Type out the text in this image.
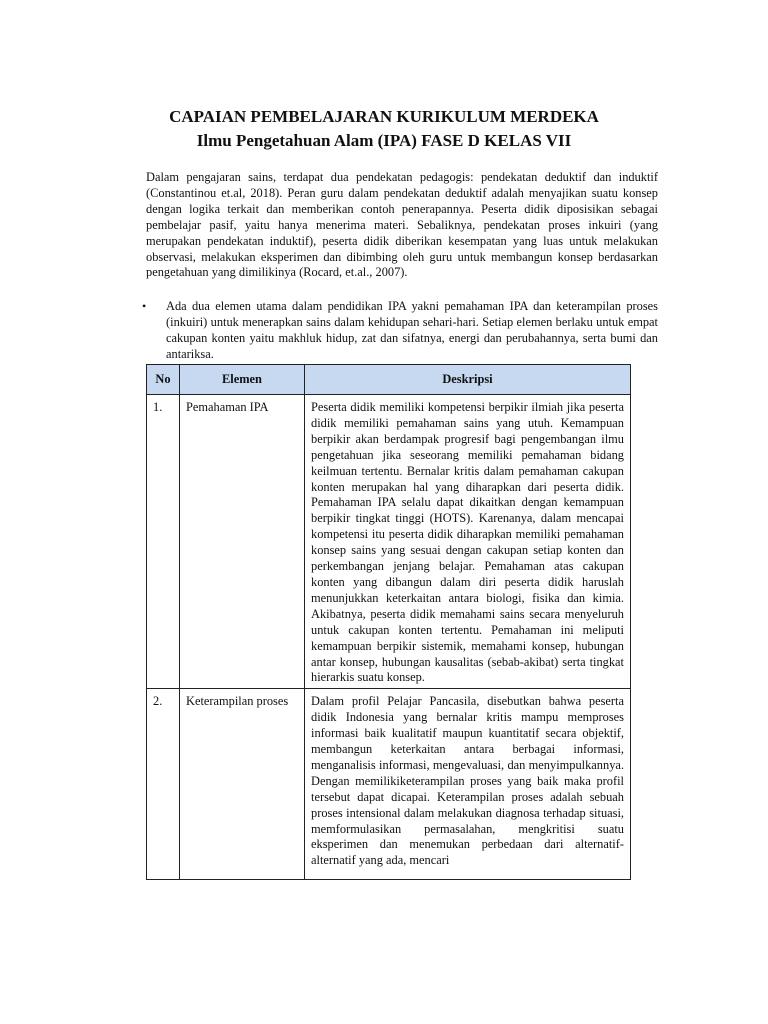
CAPAIAN PEMBELAJARAN KURIKULUM MERDEKA
Ilmu Pengetahuan Alam (IPA) FASE D KELAS VII

Dalam pengajaran sains, terdapat dua pendekatan pedagogis: pendekatan deduktif dan induktif (Constantinou et.al, 2018). Peran guru dalam pendekatan deduktif adalah menyajikan suatu konsep dengan logika terkait dan memberikan contoh penerapannya. Peserta didik diposisikan sebagai pembelajar pasif, yaitu hanya menerima materi. Sebaliknya, pendekatan proses inkuiri (yang merupakan pendekatan induktif), peserta didik diberikan kesempatan yang luas untuk melakukan observasi, melakukan eksperimen dan dibimbing oleh guru untuk membangun konsep berdasarkan pengetahuan yang dimilikinya (Rocard, et.al., 2007).

• Ada dua elemen utama dalam pendidikan IPA yakni pemahaman IPA dan keterampilan proses (inkuiri) untuk menerapkan sains dalam kehidupan sehari-hari. Setiap elemen berlaku untuk empat cakupan konten yaitu makhluk hidup, zat dan sifatnya, energi dan perubahannya, serta bumi dan antariksa.

No	Elemen	Deskripsi
1.	Pemahaman IPA	Peserta didik memiliki kompetensi berpikir ilmiah jika peserta didik memiliki pemahaman sains yang utuh. Kemampuan berpikir akan berdampak progresif bagi pengembangan ilmu pengetahuan jika seseorang memiliki pemahaman bidang keilmuan tertentu. Bernalar kritis dalam pemahaman cakupan konten merupakan hal yang diharapkan dari peserta didik. Pemahaman IPA selalu dapat dikaitkan dengan kemampuan berpikir tingkat tinggi (HOTS). Karenanya, dalam mencapai kompetensi itu peserta didik diharapkan memiliki pemahaman konsep sains yang sesuai dengan cakupan setiap konten dan perkembangan jenjang belajar. Pemahaman atas cakupan konten yang dibangun dalam diri peserta didik haruslah menunjukkan keterkaitan antara biologi, fisika dan kimia. Akibatnya, peserta didik memahami sains secara menyeluruh untuk cakupan konten tertentu. Pemahaman ini meliputi kemampuan berpikir sistemik, memahami konsep, hubungan antar konsep, hubungan kausalitas (sebab-akibat) serta tingkat hierarkis suatu konsep.
2.	Keterampilan proses	Dalam profil Pelajar Pancasila, disebutkan bahwa peserta didik Indonesia yang bernalar kritis mampu memproses informasi baik kualitatif maupun kuantitatif secara objektif, membangun keterkaitan antara berbagai informasi, menganalisis informasi, mengevaluasi, dan menyimpulkannya. Dengan memilikiketerampilan proses yang baik maka profil tersebut dapat dicapai. Keterampilan proses adalah sebuah proses intensional dalam melakukan diagnosa terhadap situasi, memformulasikan permasalahan, mengkritisi suatu eksperimen dan menemukan perbedaan dari alternatif-alternatif yang ada, mencari
